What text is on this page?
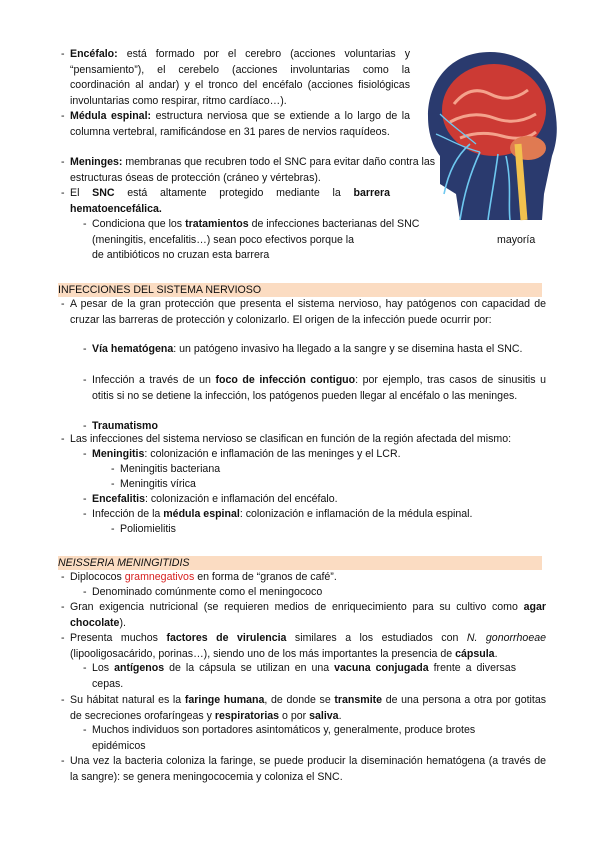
- Encéfalo: está formado por el cerebro (acciones voluntarias y “pensamiento”), el cerebelo (acciones involuntarias como la coordinación al andar) y el tronco del encéfalo (acciones fisiológicas involuntarias como respirar, ritmo cardíaco…).
- Médula espinal: estructura nerviosa que se extiende a lo largo de la columna vertebral, ramificándose en 31 pares de nervios raquídeos.
- Meninges: membranas que recubren todo el SNC para evitar daño contra las estructuras óseas de protección (cráneo y vértebras).
- El SNC está altamente protegido mediante la barrera hematoencefálica.
- Condiciona que los tratamientos de infecciones bacterianas del SNC (meningitis, encefalitis…) sean poco efectivos porque la	mayoría
de antibióticos no cruzan esta barrera
INFECCIONES DEL SISTEMA NERVIOSO
- A pesar de la gran protección que presenta el sistema nervioso, hay patógenos con capacidad de cruzar las barreras de protección y colonizarlo. El origen de la infección puede ocurrir por:
- Vía hematógena: un patógeno invasivo ha llegado a la sangre y se disemina hasta el SNC.
- Infección a través de un foco de infección contiguo: por ejemplo, tras casos de sinusitis u otitis si no se detiene la infección, los patógenos pueden llegar al encéfalo o las meninges.
- Traumatismo
- Las infecciones del sistema nervioso se clasifican en función de la región afectada del mismo:
- Meningitis: colonización e inflamación de las meninges y el LCR.
- Meningitis bacteriana
- Meningitis vírica
- Encefalitis: colonización e inflamación del encéfalo.
- Infección de la médula espinal: colonización e inflamación de la médula espinal.
- Poliomielitis
NEISSERIA MENINGITIDIS
- Diplococos gramnegativos en forma de “granos de café”.
- Denominado comúnmente como el meningococo
- Gran exigencia nutricional (se requieren medios de enriquecimiento para su cultivo como agar chocolate).
- Presenta muchos factores de virulencia similares a los estudiados con N. gonorrhoeae (lipooligosacárido, porinas…), siendo uno de los más importantes la presencia de cápsula.
- Los antígenos de la cápsula se utilizan en una vacuna conjugada frente a diversas cepas.
- Su hábitat natural es la faringe humana, de donde se transmite de una persona a otra por gotitas de secreciones orofaríngeas y respiratorias o por saliva.
- Muchos individuos son portadores asintomáticos y, generalmente, produce brotes epidémicos
- Una vez la bacteria coloniza la faringe, se puede producir la diseminación hematógena (a través de la sangre): se genera meningococemia y coloniza el SNC.
